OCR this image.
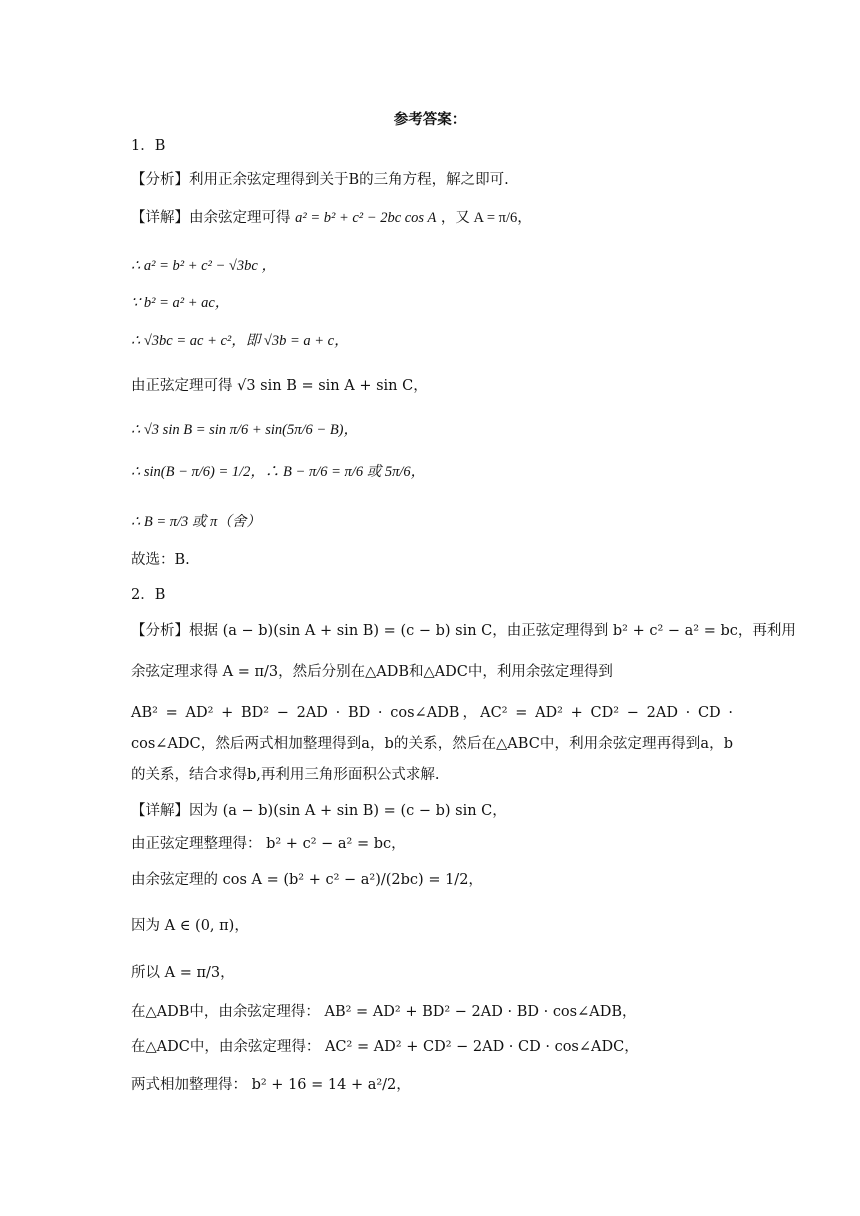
参考答案：
1．B
【分析】利用正余弦定理得到关于B的三角方程，解之即可.
【详解】由余弦定理可得 a² = b² + c² − 2bc cos A ，又 A = π/6，
∴ a² = b² + c² − √3bc ，
∵ b² = a² + ac，
∴ √3bc = ac + c²，即 √3b = a + c，
由正弦定理可得 √3 sin B = sin A + sin C，
∴ √3 sin B = sin π/6 + sin(5π/6 − B)，
∴ sin(B − π/6) = 1/2，∴ B − π/6 = π/6 或 5π/6，
∴ B = π/3 或 π（舍）
故选：B.
2．B
【分析】根据 (a − b)(sin A + sin B) = (c − b) sin C，由正弦定理得到 b² + c² − a² = bc，再利用
余弦定理求得 A = π/3，然后分别在△ADB和△ADC中，利用余弦定理得到
AB² = AD² + BD² − 2AD · BD · cos∠ADB，AC² = AD² + CD² − 2AD · CD · cos∠ADC，然后两式相加整理得到a，b的关系，然后在△ABC中，利用余弦定理再得到a，b的关系，结合求得b,再利用三角形面积公式求解.
【详解】因为 (a − b)(sin A + sin B) = (c − b) sin C，
由正弦定理整理得： b² + c² − a² = bc，
由余弦定理的 cos A = (b² + c² − a²)/(2bc) = 1/2，
因为 A ∈ (0, π)，
所以 A = π/3，
在△ADB中，由余弦定理得： AB² = AD² + BD² − 2AD · BD · cos∠ADB，
在△ADC中，由余弦定理得： AC² = AD² + CD² − 2AD · CD · cos∠ADC，
两式相加整理得： b² + 16 = 14 + a²/2，
